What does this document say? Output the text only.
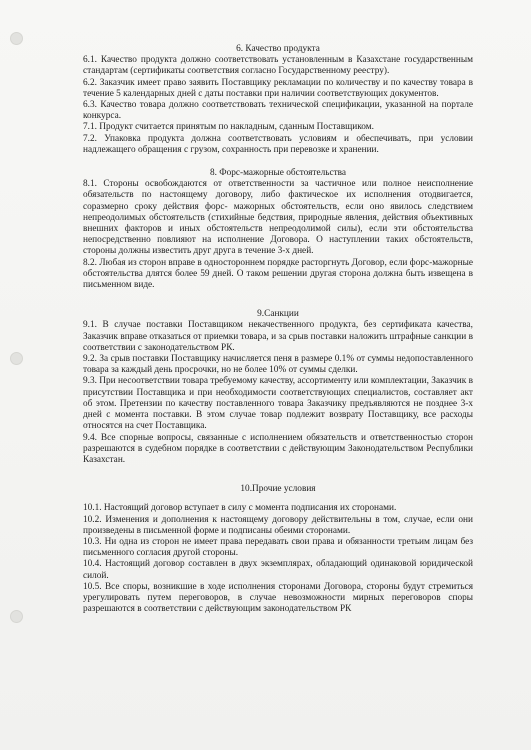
6. Качество продукта

6.1. Качество продукта должно соответствовать установленным в Казахстане государственным стандартам (сертификаты соответствия согласно Государственному реестру).

6.2. Заказчик имеет право заявить Поставщику рекламации по количеству и по качеству товара в течение 5 календарных дней с даты поставки при наличии соответствующих документов.

6.3. Качество товара должно соответствовать технической спецификации, указанной на портале конкурса.

7.1. Продукт считается принятым по накладным, сданным Поставщиком.

7.2. Упаковка продукта должна соответствовать условиям и обеспечивать, при условии надлежащего обращения с грузом, сохранность при перевозке и хранении.

8. Форс-мажорные обстоятельства

8.1. Стороны освобождаются от ответственности за частичное или полное неисполнение обязательств по настоящему договору, либо фактическое их исполнения отодвигается, соразмерно сроку действия форс- мажорных обстоятельств, если оно явилось следствием непреодолимых обстоятельств (стихийные бедствия, природные явления, действия объективных внешних факторов и иных обстоятельств непреодолимой силы), если эти обстоятельства непосредственно повлияют на исполнение Договора. О наступлении таких обстоятельств, стороны должны известить друг друга в течение 3-х дней.

8.2. Любая из сторон вправе в одностороннем порядке расторгнуть Договор, если форс-мажорные обстоятельства длятся более 59 дней. О таком решении другая сторона должна быть извещена в письменном виде.

9.Санкции

9.1. В случае поставки Поставщиком некачественного продукта, без сертификата качества, Заказчик вправе отказаться от приемки товара, и за срыв поставки наложить штрафные санкции в соответствии с законодательством РК.

9.2. За срыв поставки Поставщику начисляется пеня в размере 0.1% от суммы недопоставленного товара за каждый день просрочки, но не более 10% от суммы сделки.

9.3. При несоответствии товара требуемому качеству, ассортименту или комплектации, Заказчик в присутствии Поставщика и при необходимости соответствующих специалистов, составляет акт об этом. Претензии по качеству поставленного товара Заказчику предъявляются не позднее 3-х дней с момента поставки. В этом случае товар подлежит возврату Поставщику, все расходы относятся на счет Поставщика.

9.4. Все спорные вопросы, связанные с исполнением обязательств и ответственностью сторон разрешаются в судебном порядке в соответствии с действующим Законодательством Республики Казахстан.

10.Прочие условия

10.1. Настоящий договор вступает в силу с момента подписания их сторонами.

10.2. Изменения и дополнения к настоящему договору действительны в том, случае, если они произведены в письменной форме и подписаны обеими сторонами.

10.3. Ни одна из сторон не имеет права передавать свои права и обязанности третьим лицам без письменного согласия другой стороны.

10.4. Настоящий договор составлен в двух экземплярах, обладающий одинаковой юридической силой.

10.5. Все споры, возникшие в ходе исполнения сторонами Договора, стороны будут стремиться урегулировать путем переговоров, в случае невозможности мирных переговоров споры разрешаются в соответствии с действующим законодательством РК
